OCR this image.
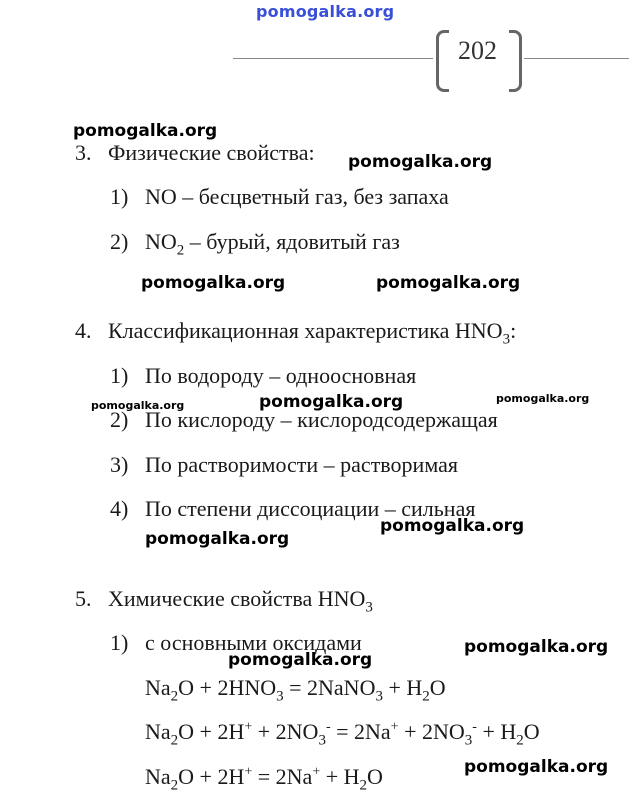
pomogalka.org
202
3. Физические свойства:
1) NO – бесцветный газ, без запаха
2) $NO_2$ – бурый, ядовитый газ
4. Классификационная характеристика $HNO_3$:
1) По водороду – одноосновная
2) По кислороду – кислородсодержащая
3) По растворимости – растворимая
4) По степени диссоциации – сильная
5. Химические свойства $HNO_3$
1) с основными оксидами
$Na_2O + 2HNO_3$ = 2NaNO$_3$ + $H_2O$
$Na_2O + 2H^+ + 2NO_3^- = 2Na^+ + 2NO_3^- + H_2O$
$Na_2O + 2H^+ = 2Na^+ + H_2O$
pomogalka.org
pomogalka.org
pomogalka.org	pomogalka.org
pomogalka.org	pomogalka.org	pomogalka.org
pomogalka.org
pomogalka.org
pomogalka.org
pomogalka.org
pomogalka.org
